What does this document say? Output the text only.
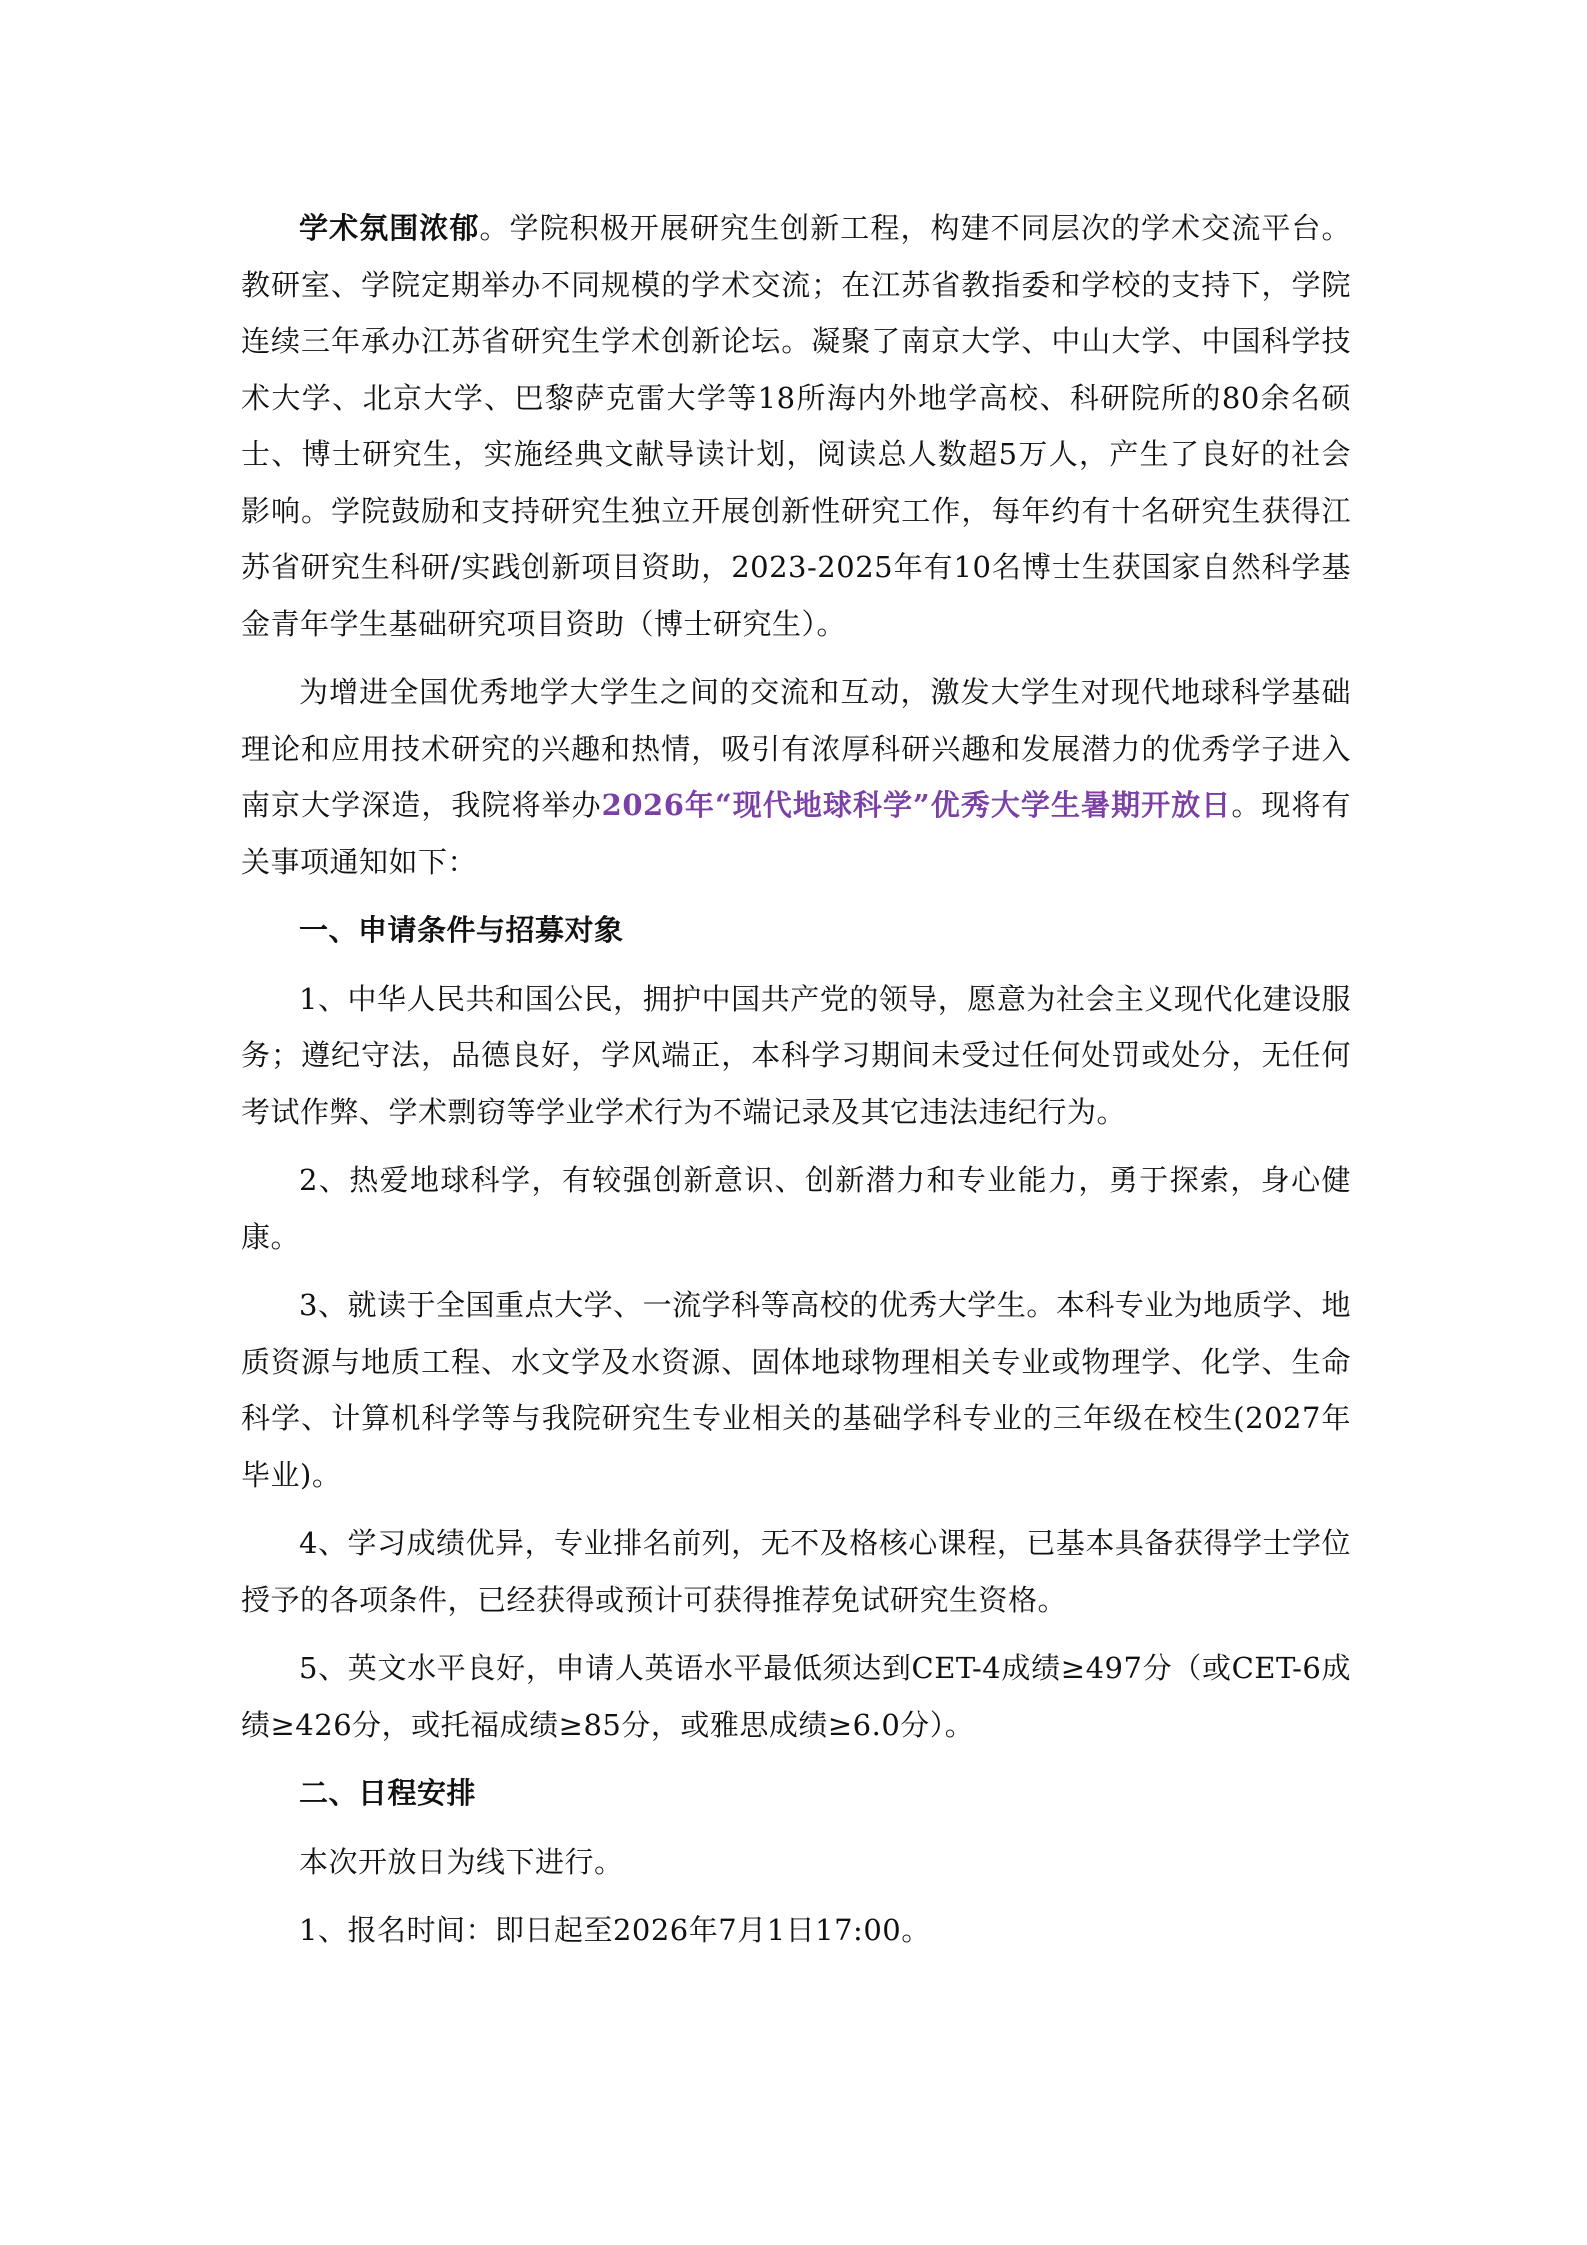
学术氛围浓郁。学院积极开展研究生创新工程，构建不同层次的学术交流平台。教研室、学院定期举办不同规模的学术交流；在江苏省教指委和学校的支持下，学院连续三年承办江苏省研究生学术创新论坛。凝聚了南京大学、中山大学、中国科学技术大学、北京大学、巴黎萨克雷大学等18所海内外地学高校、科研院所的80余名硕士、博士研究生，实施经典文献导读计划，阅读总人数超5万人，产生了良好的社会影响。学院鼓励和支持研究生独立开展创新性研究工作，每年约有十名研究生获得江苏省研究生科研/实践创新项目资助，2023-2025年有10名博士生获国家自然科学基金青年学生基础研究项目资助（博士研究生）。

为增进全国优秀地学大学生之间的交流和互动，激发大学生对现代地球科学基础理论和应用技术研究的兴趣和热情，吸引有浓厚科研兴趣和发展潜力的优秀学子进入南京大学深造，我院将举办2026年“现代地球科学”优秀大学生暑期开放日。现将有关事项通知如下：

一、申请条件与招募对象

1、中华人民共和国公民，拥护中国共产党的领导，愿意为社会主义现代化建设服务；遵纪守法，品德良好，学风端正，本科学习期间未受过任何处罚或处分，无任何考试作弊、学术剽窃等学业学术行为不端记录及其它违法违纪行为。

2、热爱地球科学，有较强创新意识、创新潜力和专业能力，勇于探索，身心健康。

3、就读于全国重点大学、一流学科等高校的优秀大学生。本科专业为地质学、地质资源与地质工程、水文学及水资源、固体地球物理相关专业或物理学、化学、生命科学、计算机科学等与我院研究生专业相关的基础学科专业的三年级在校生(2027年毕业)。

4、学习成绩优异，专业排名前列，无不及格核心课程，已基本具备获得学士学位授予的各项条件，已经获得或预计可获得推荐免试研究生资格。

5、英文水平良好，申请人英语水平最低须达到CET-4成绩≥497分（或CET-6成绩≥426分，或托福成绩≥85分，或雅思成绩≥6.0分）。

二、日程安排

本次开放日为线下进行。

1、报名时间：即日起至2026年7月1日17:00。
